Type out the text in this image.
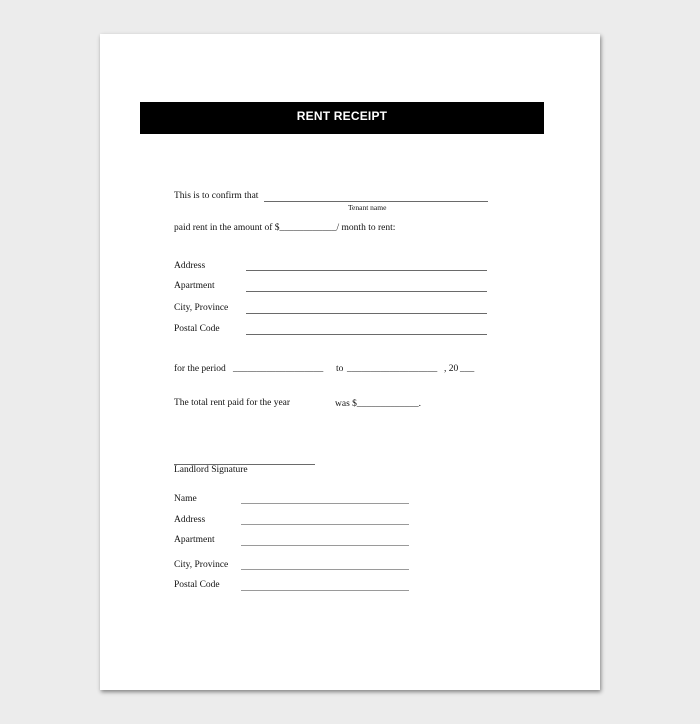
RENT RECEIPT
This is to confirm that
Tenant name
paid rent in the amount of $____________/ month to rent:
Address
Apartment
City, Province
Postal Code
for the period ___________________ to ___________________ , 20 ___
The total rent paid for the year	was $_____________.
Landlord Signature
Name
Address
Apartment
City, Province
Postal Code
